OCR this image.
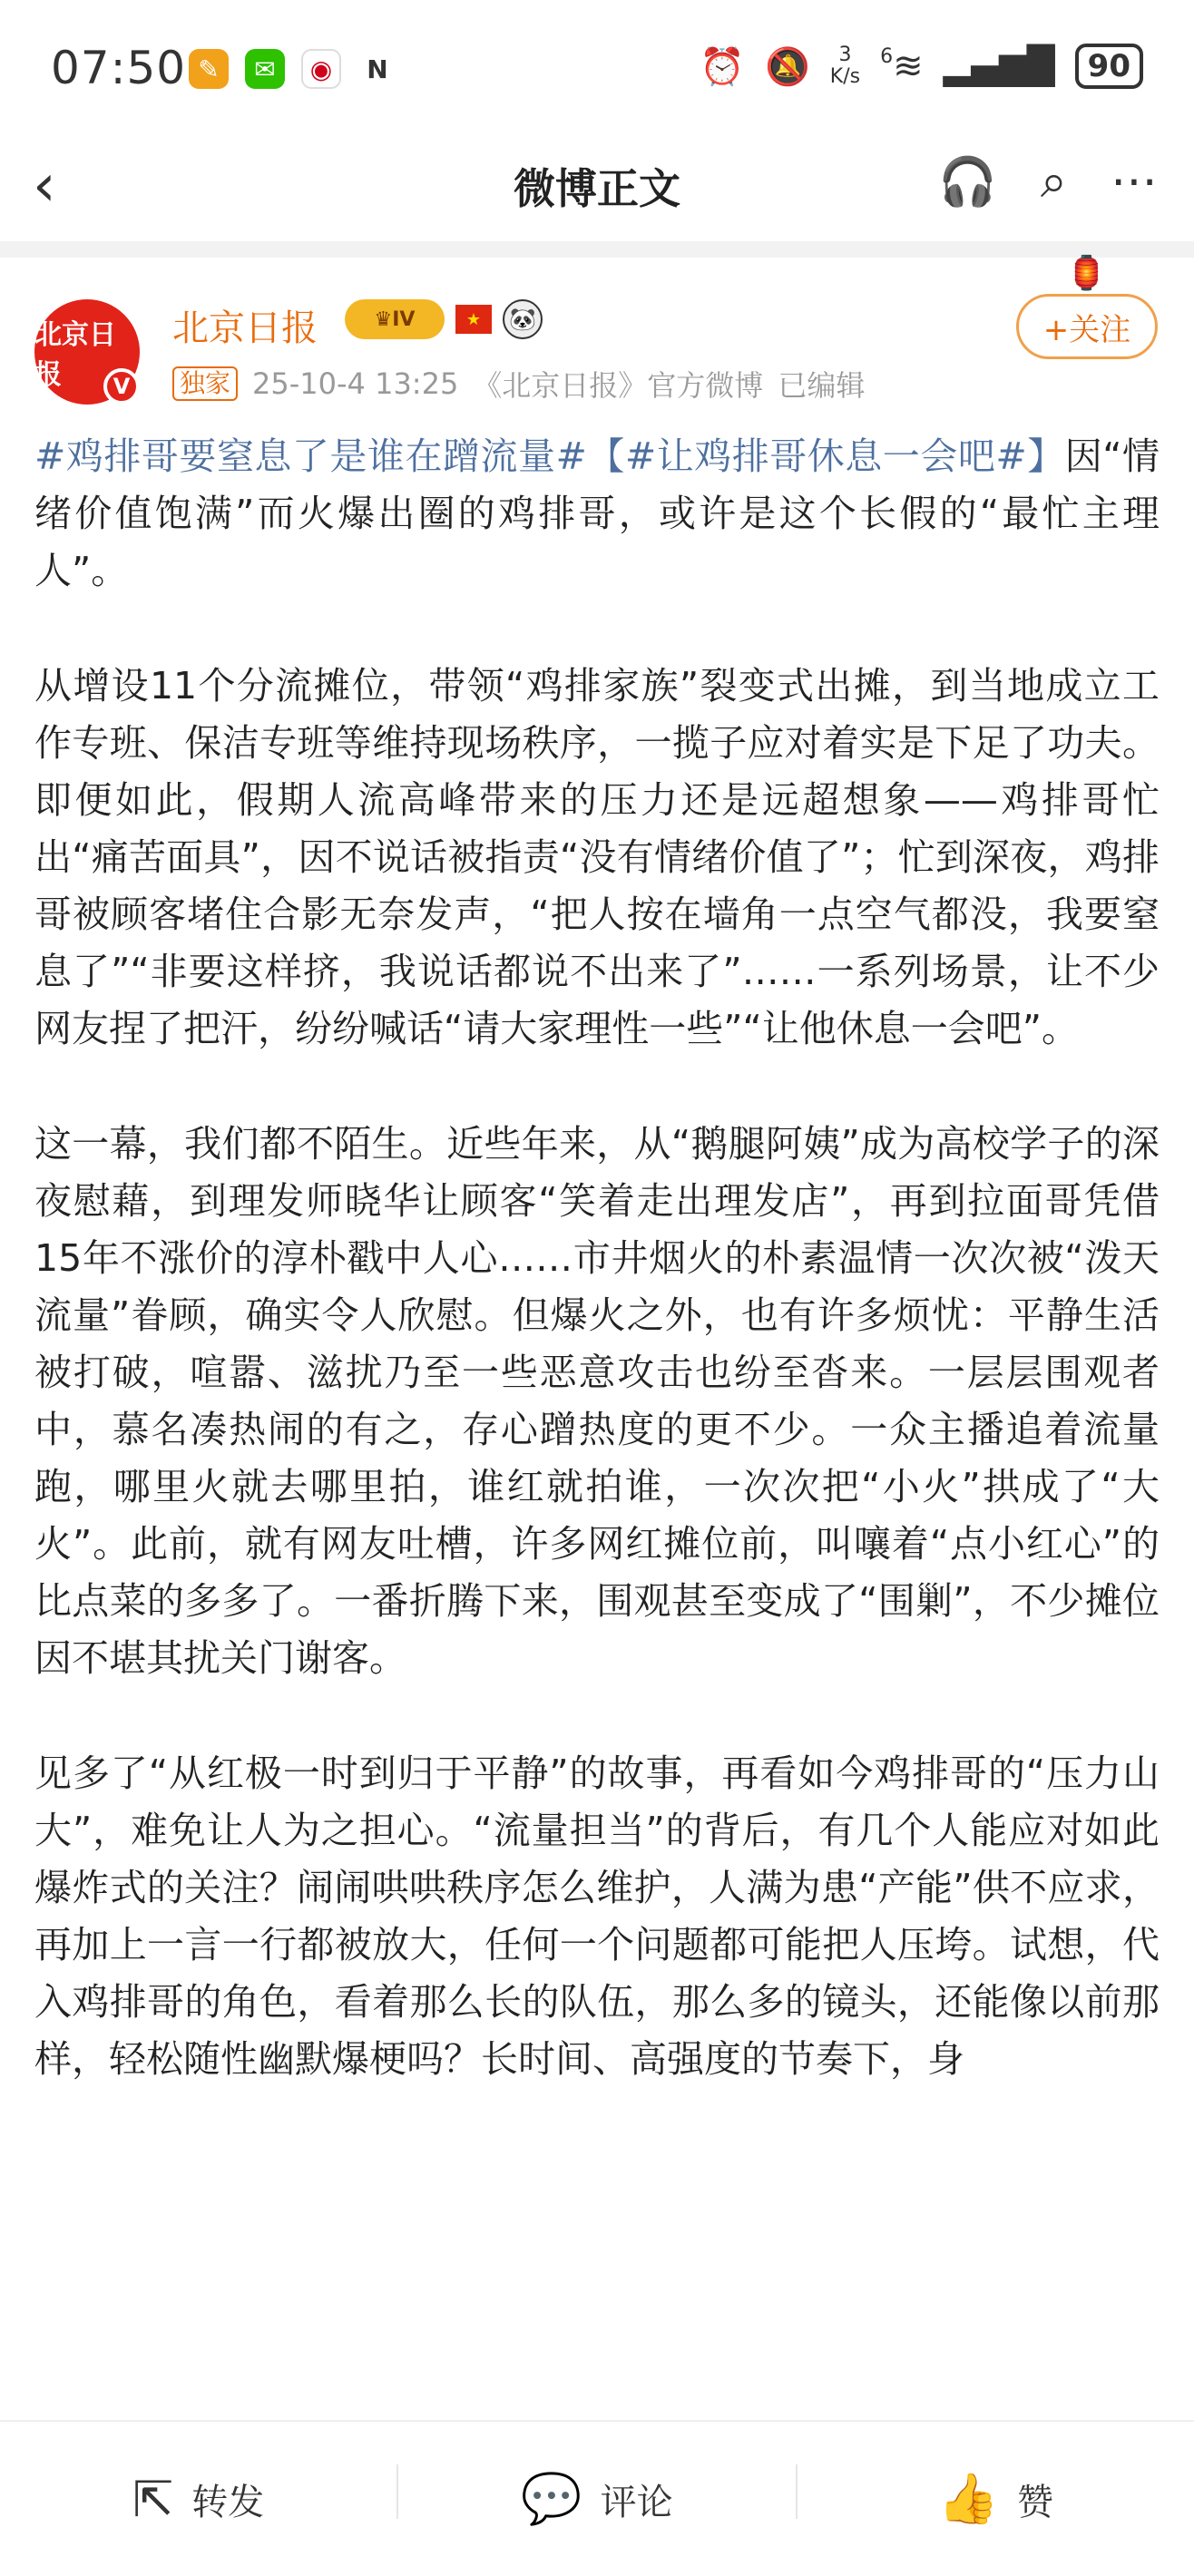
07:50 ✎	✉	◉	N	⏰ 🔕	3
K/s
$^6$≋ ▂▄▆█	90
‹	微博正文	🎧 ⌕ ⋯
北京日报	V
北京日报	♛ IV	★	🐼
独家 25-10-4 13:25 《北京日报》官方微博 已编辑
🏮
+关注

#鸡排哥要窒息了是谁在蹭流量#【#让鸡排哥休息一会吧#】因“情绪价值饱满”而火爆出圈的鸡排哥，或许是这个长假的“最忙主理人”。

从增设11个分流摊位，带领“鸡排家族”裂变式出摊，到当地成立工作专班、保洁专班等维持现场秩序，一揽子应对着实是下足了功夫。即便如此，假期人流高峰带来的压力还是远超想象——鸡排哥忙出“痛苦面具”，因不说话被指责“没有情绪价值了”；忙到深夜，鸡排哥被顾客堵住合影无奈发声，“把人按在墙角一点空气都没，我要窒息了”“非要这样挤，我说话都说不出来了”……一系列场景，让不少网友捏了把汗，纷纷喊话“请大家理性一些”“让他休息一会吧”。

这一幕，我们都不陌生。近些年来，从“鹅腿阿姨”成为高校学子的深夜慰藉，到理发师晓华让顾客“笑着走出理发店”，再到拉面哥凭借15年不涨价的淳朴戳中人心……市井烟火的朴素温情一次次被“泼天流量”眷顾，确实令人欣慰。但爆火之外，也有许多烦忧：平静生活被打破，喧嚣、滋扰乃至一些恶意攻击也纷至沓来。一层层围观者中，慕名凑热闹的有之，存心蹭热度的更不少。一众主播追着流量跑，哪里火就去哪里拍，谁红就拍谁，一次次把“小火”拱成了“大火”。此前，就有网友吐槽，许多网红摊位前，叫嚷着“点小红心”的比点菜的多多了。一番折腾下来，围观甚至变成了“围剿”，不少摊位因不堪其扰关门谢客。

见多了“从红极一时到归于平静”的故事，再看如今鸡排哥的“压力山大”，难免让人为之担心。“流量担当”的背后，有几个人能应对如此爆炸式的关注？闹闹哄哄秩序怎么维护，人满为患“产能”供不应求，再加上一言一行都被放大，任何一个问题都可能把人压垮。试想，代入鸡排哥的角色，看着那么长的队伍，那么多的镜头，还能像以前那样，轻松随性幽默爆梗吗？长时间、高强度的节奏下，身

⇱ 转发	💬 评论	👍 赞
